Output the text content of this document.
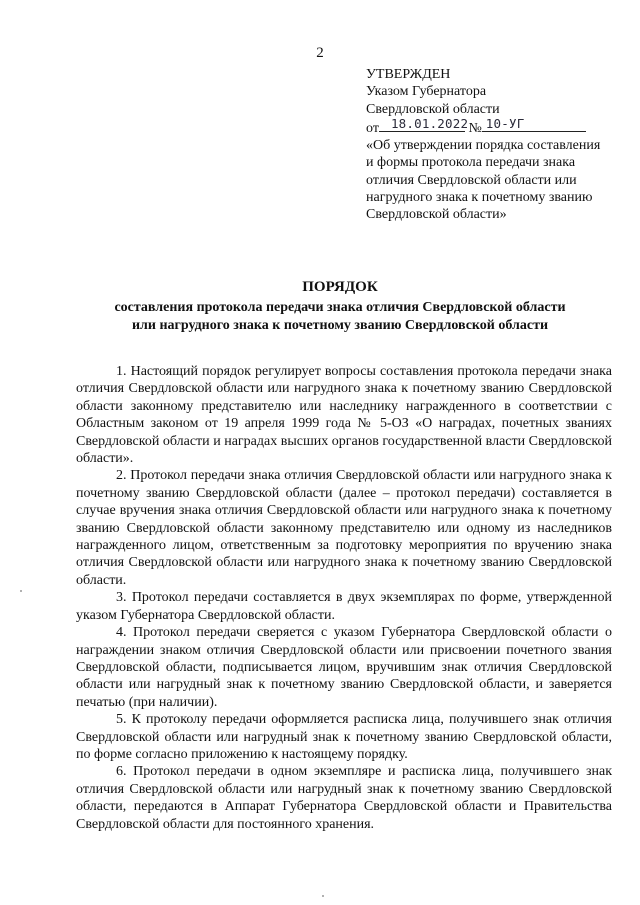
2
УТВЕРЖДЕН
Указом Губернатора
Свердловской области
от 18.01.2022 № 10-УГ
«Об утверждении порядка составления и формы протокола передачи знака отличия Свердловской области или нагрудного знака к почетному званию Свердловской области»
ПОРЯДОК
составления протокола передачи знака отличия Свердловской области
или нагрудного знака к почетному званию Свердловской области

1. Настоящий порядок регулирует вопросы составления протокола передачи знака отличия Свердловской области или нагрудного знака к почетному званию Свердловской области законному представителю или наследнику награжденного в соответствии с Областным законом от 19 апреля 1999 года № 5-ОЗ «О наградах, почетных званиях Свердловской области и наградах высших органов государственной власти Свердловской области».

2. Протокол передачи знака отличия Свердловской области или нагрудного знака к почетному званию Свердловской области (далее – протокол передачи) составляется в случае вручения знака отличия Свердловской области или нагрудного знака к почетному званию Свердловской области законному представителю или одному из наследников награжденного лицом, ответственным за подготовку мероприятия по вручению знака отличия Свердловской области или нагрудного знака к почетному званию Свердловской области.

3. Протокол передачи составляется в двух экземплярах по форме, утвержденной указом Губернатора Свердловской области.

4. Протокол передачи сверяется с указом Губернатора Свердловской области о награждении знаком отличия Свердловской области или присвоении почетного звания Свердловской области, подписывается лицом, вручившим знак отличия Свердловской области или нагрудный знак к почетному званию Свердловской области, и заверяется печатью (при наличии).

5. К протоколу передачи оформляется расписка лица, получившего знак отличия Свердловской области или нагрудный знак к почетному званию Свердловской области, по форме согласно приложению к настоящему порядку.

6. Протокол передачи в одном экземпляре и расписка лица, получившего знак отличия Свердловской области или нагрудный знак к почетному званию Свердловской области, передаются в Аппарат Губернатора Свердловской области и Правительства Свердловской области для постоянного хранения.
